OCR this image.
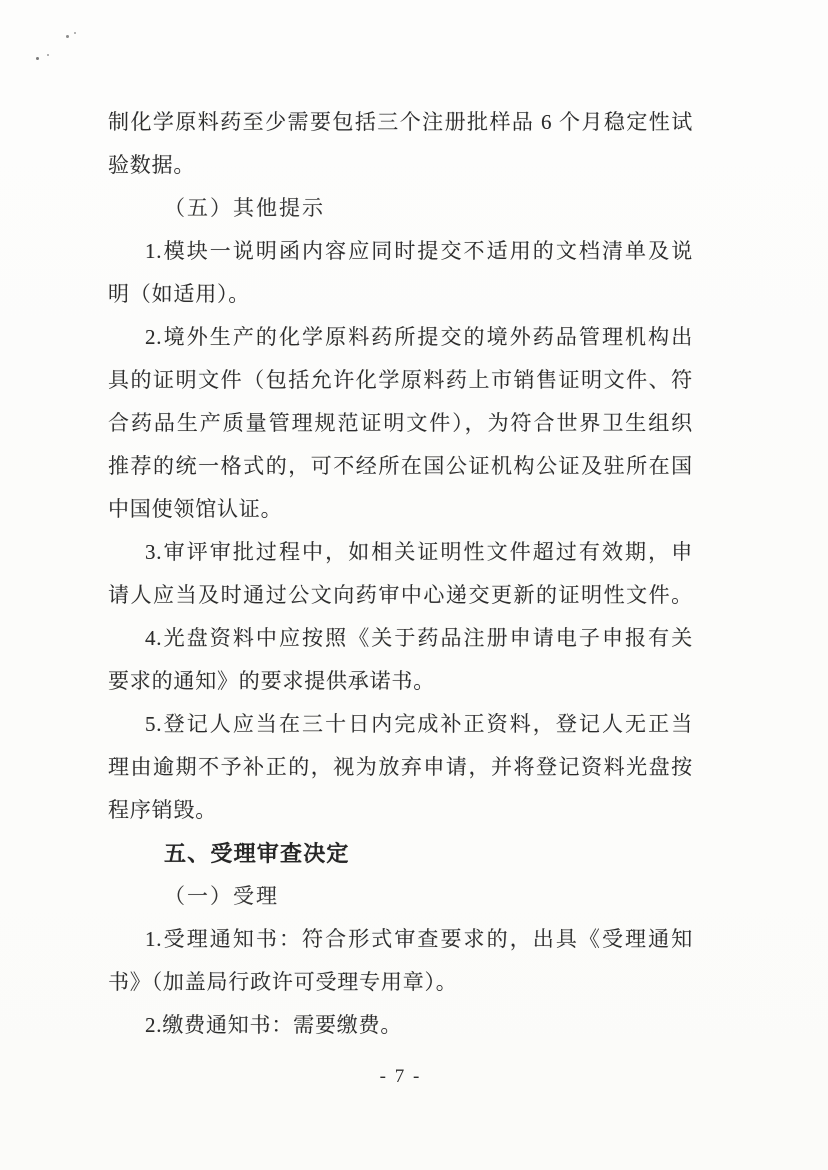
制化学原料药至少需要包括三个注册批样品 6 个月稳定性试
验数据。
（五）其他提示
1.模块一说明函内容应同时提交不适用的文档清单及说
明（如适用）。
2.境外生产的化学原料药所提交的境外药品管理机构出
具的证明文件（包括允许化学原料药上市销售证明文件、符
合药品生产质量管理规范证明文件），为符合世界卫生组织
推荐的统一格式的，可不经所在国公证机构公证及驻所在国
中国使领馆认证。
3.审评审批过程中，如相关证明性文件超过有效期，申
请人应当及时通过公文向药审中心递交更新的证明性文件。
4.光盘资料中应按照《关于药品注册申请电子申报有关
要求的通知》的要求提供承诺书。
5.登记人应当在三十日内完成补正资料，登记人无正当
理由逾期不予补正的，视为放弃申请，并将登记资料光盘按
程序销毁。
五、受理审查决定
（一）受理
1.受理通知书：符合形式审查要求的，出具《受理通知
书》（加盖局行政许可受理专用章）。
2.缴费通知书：需要缴费。
- 7 -
